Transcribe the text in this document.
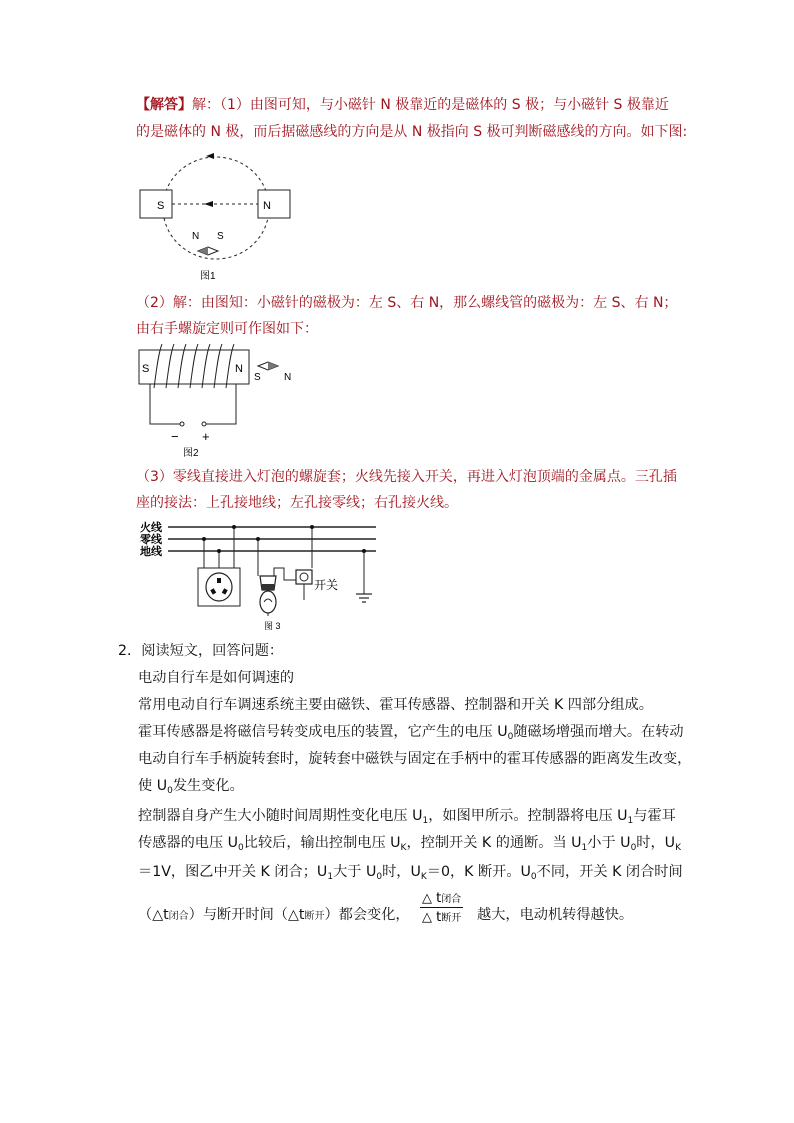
【解答】解：（1）由图可知，与小磁针 N 极靠近的是磁体的 S 极；与小磁针 S 极靠近
的是磁体的 N 极，而后据磁感线的方向是从 N 极指向 S 极可判断磁感线的方向。如下图:
S	N
N S
图1
（2）解：由图知：小磁针的磁极为：左 S、右 N，那么螺线管的磁极为：左 S、右 N；
由右手螺旋定则可作图如下：
S	N
− +
图2
S N
（3）零线直接进入灯泡的螺旋套；火线先接入开关，再进入灯泡顶端的金属点。三孔插
座的接法：上孔接地线；左孔接零线；右孔接火线。
火线
零线
地线
开关
图 3
2．阅读短文，回答问题：
电动自行车是如何调速的
常用电动自行车调速系统主要由磁铁、霍耳传感器、控制器和开关 K 四部分组成。
霍耳传感器是将磁信号转变成电压的装置，它产生的电压 $U_0$随磁场增强而增大。在转动
电动自行车手柄旋转套时，旋转套中磁铁与固定在手柄中的霍耳传感器的距离发生改变，
使 $U_0$发生变化。
控制器自身产生大小随时间周期性变化电压 $U_1$，如图甲所示。控制器将电压 $U_1$与霍耳
传感器的电压 $U_0$比较后，输出控制电压 $U_K$，控制开关 K 的通断。当 $U_1$小于 $U_0$时，$U_K$
＝1V，图乙中开关 K 闭合；$U_1$大于 $U_0$时，$U_K=0$，K 断开。$U_0$不同，开关 K 闭合时间
（△t闭合）与断开时间（△t断开）都会变化，
△ t闭合
△ t断开 越大，电动机转得越快。
